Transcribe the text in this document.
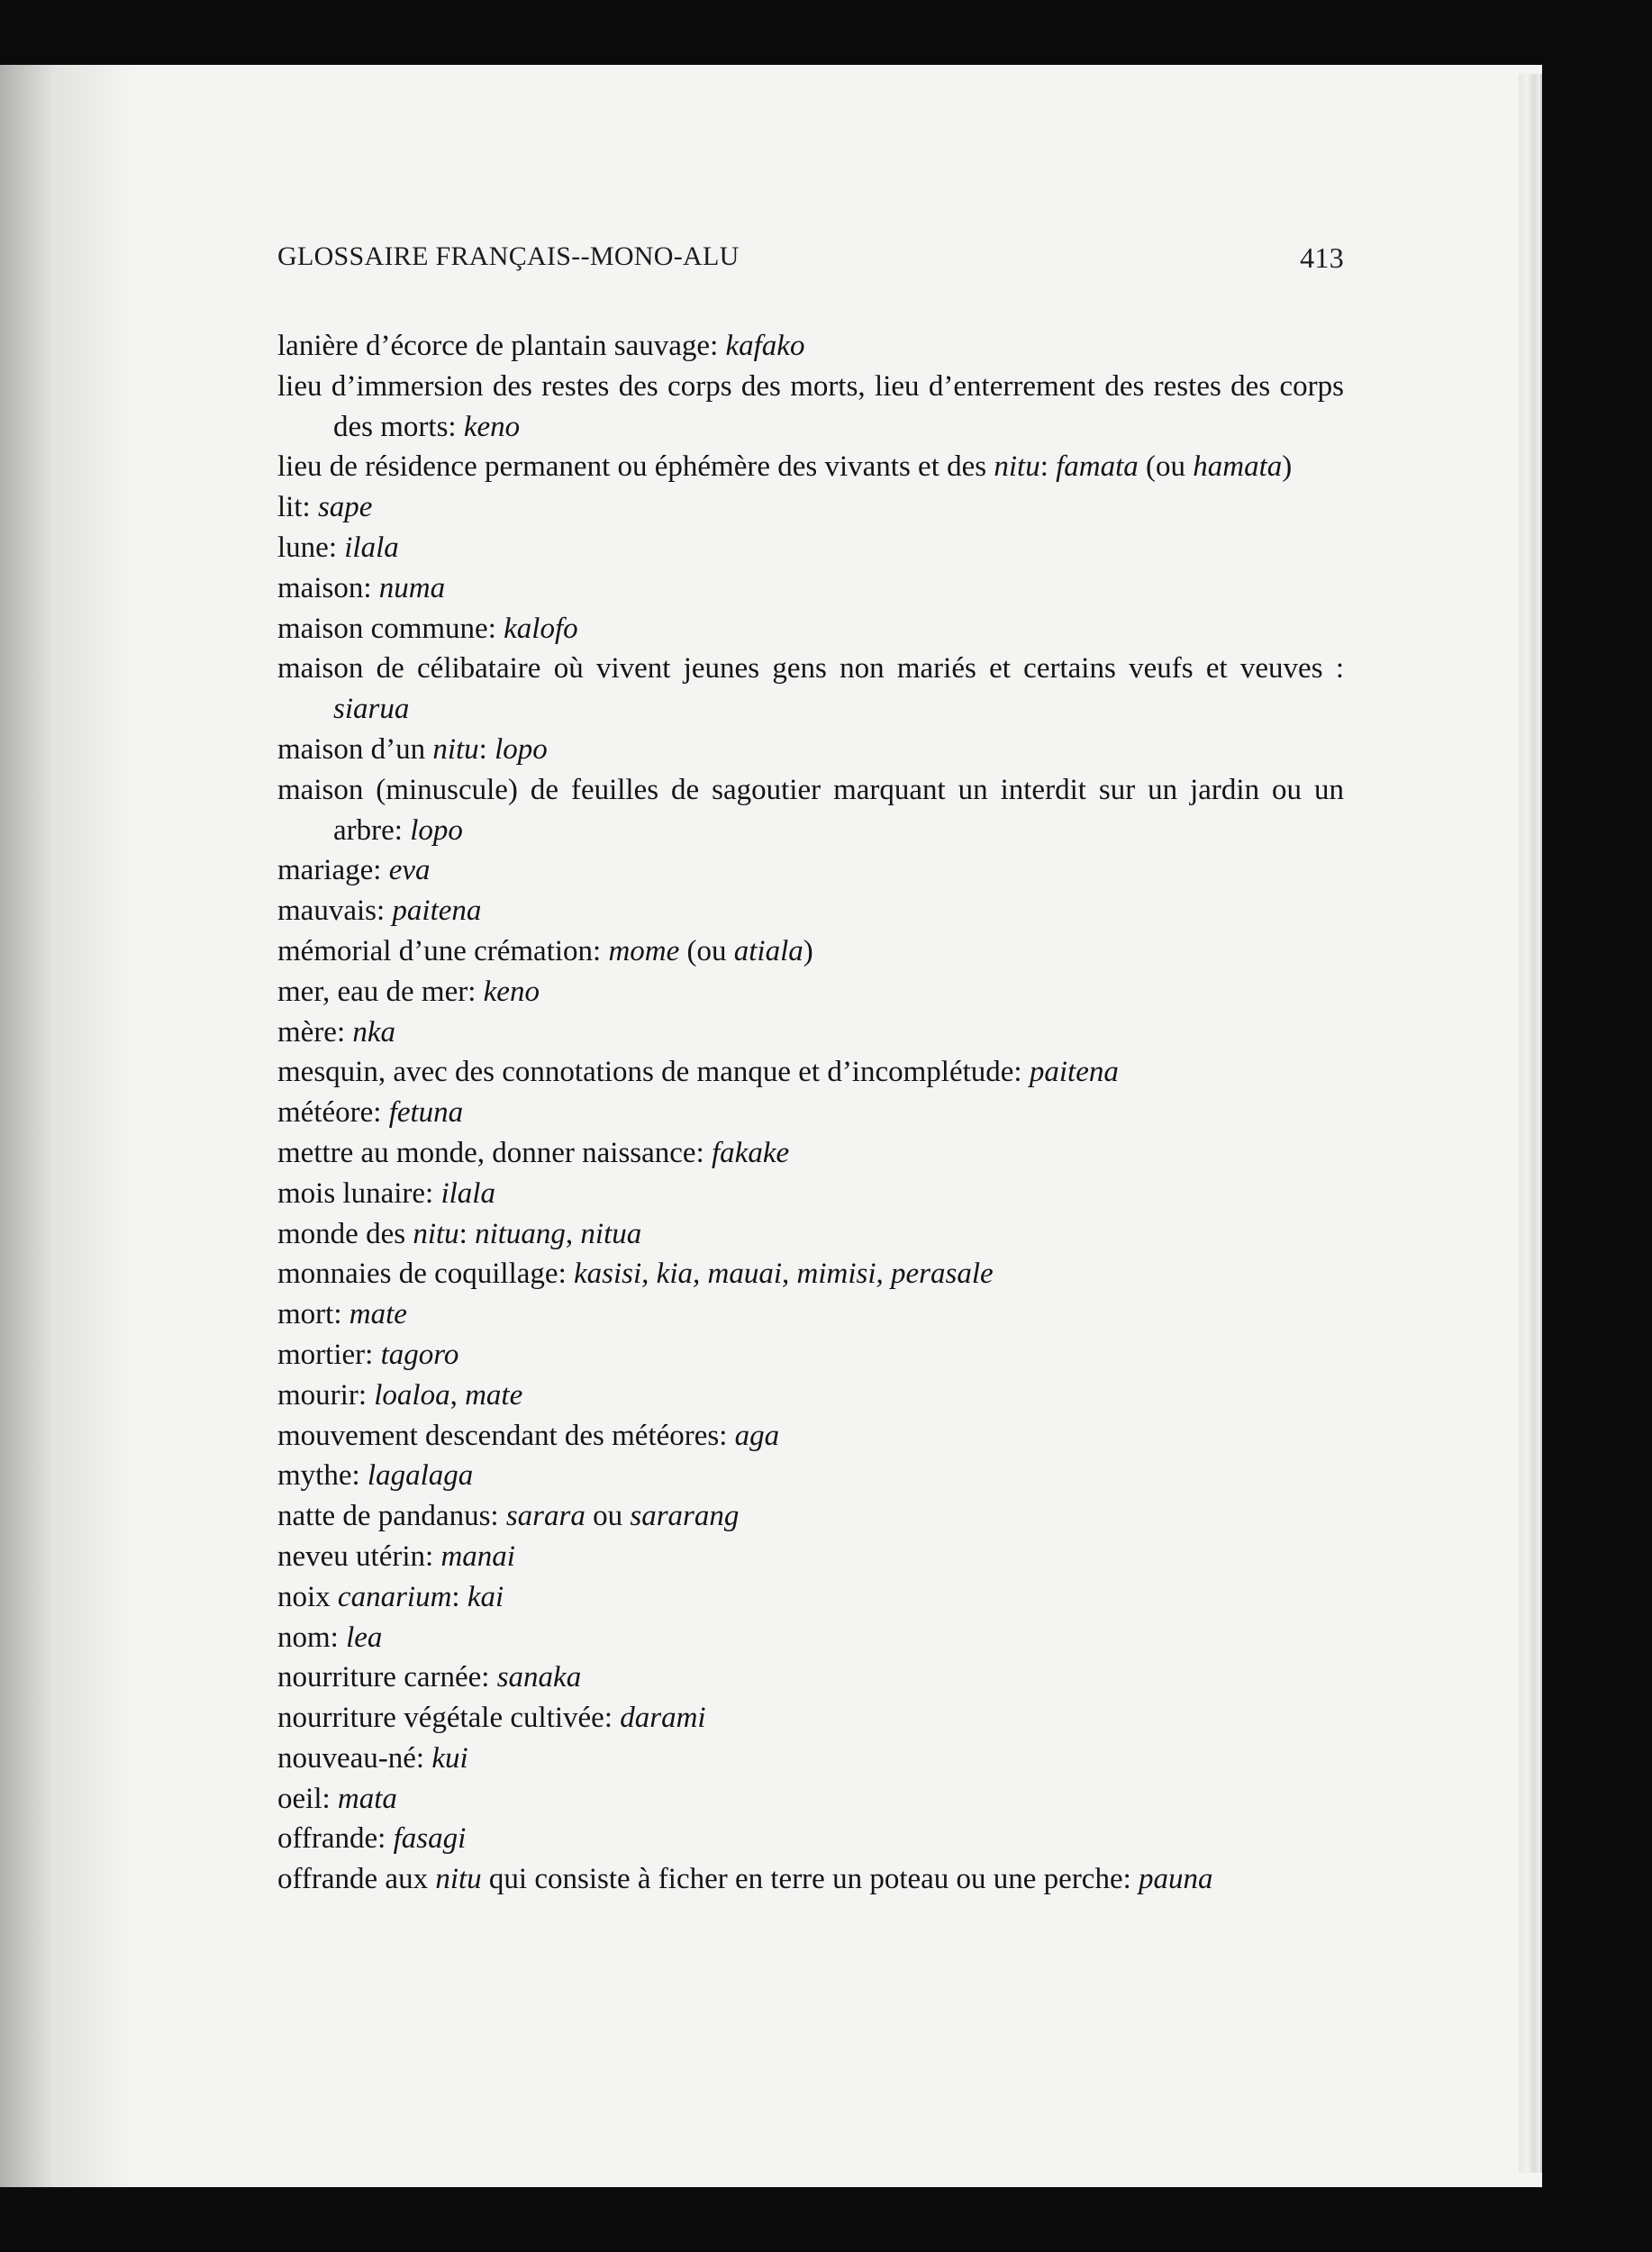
GLOSSAIRE FRANÇAIS--MONO-ALU	413
lanière d’écorce de plantain sauvage: kafako
lieu d’immersion des restes des corps des morts, lieu d’enterrement des restes des corps des morts: keno
lieu de résidence permanent ou éphémère des vivants et des nitu: famata (ou hamata)
lit: sape
lune: ilala
maison: numa
maison commune: kalofo
maison de célibataire où vivent jeunes gens non mariés et certains veufs et veuves : siarua
maison d’un nitu: lopo
maison (minuscule) de feuilles de sagoutier marquant un interdit sur un jardin ou un arbre: lopo
mariage: eva
mauvais: paitena
mémorial d’une crémation: mome (ou atiala)
mer, eau de mer: keno
mère: nka
mesquin, avec des connotations de manque et d’incomplétude: paitena
météore: fetuna
mettre au monde, donner naissance: fakake
mois lunaire: ilala
monde des nitu: nituang, nitua
monnaies de coquillage: kasisi, kia, mauai, mimisi, perasale
mort: mate
mortier: tagoro
mourir: loaloa, mate
mouvement descendant des météores: aga
mythe: lagalaga
natte de pandanus: sarara ou sararang
neveu utérin: manai
noix canarium: kai
nom: lea
nourriture carnée: sanaka
nourriture végétale cultivée: darami
nouveau-né: kui
oeil: mata
offrande: fasagi
offrande aux nitu qui consiste à ficher en terre un poteau ou une perche: pauna
